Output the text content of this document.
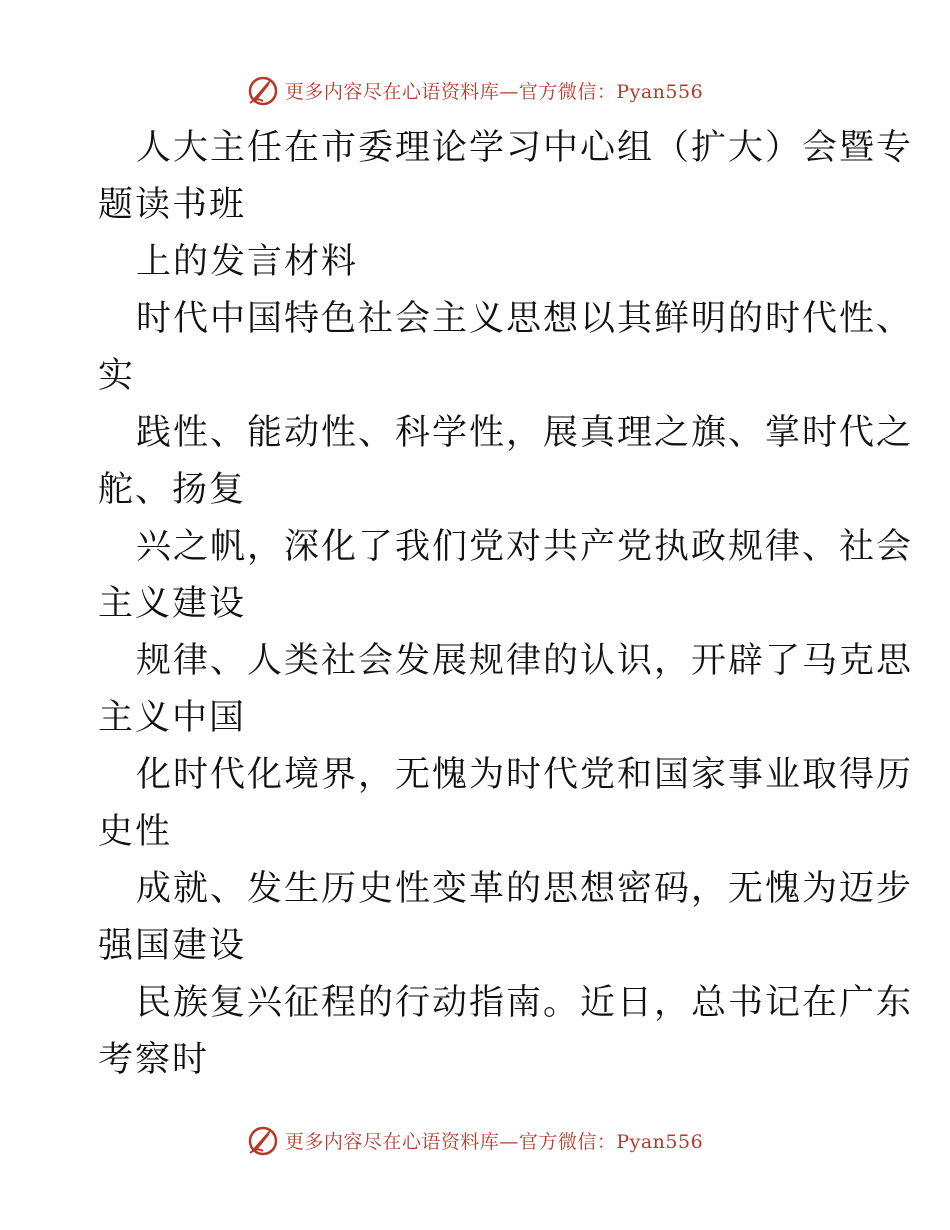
更多内容尽在心语资料库—官方微信：Pyan556
人大主任在市委理论学习中心组（扩大）会暨专
题读书班
上的发言材料
时代中国特色社会主义思想以其鲜明的时代性、
实
践性、能动性、科学性，展真理之旗、掌时代之
舵、扬复
兴之帆，深化了我们党对共产党执政规律、社会
主义建设
规律、人类社会发展规律的认识，开辟了马克思
主义中国
化时代化境界，无愧为时代党和国家事业取得历
史性
成就、发生历史性变革的思想密码，无愧为迈步
强国建设
民族复兴征程的行动指南。近日，总书记在广东
考察时
更多内容尽在心语资料库—官方微信：Pyan556
